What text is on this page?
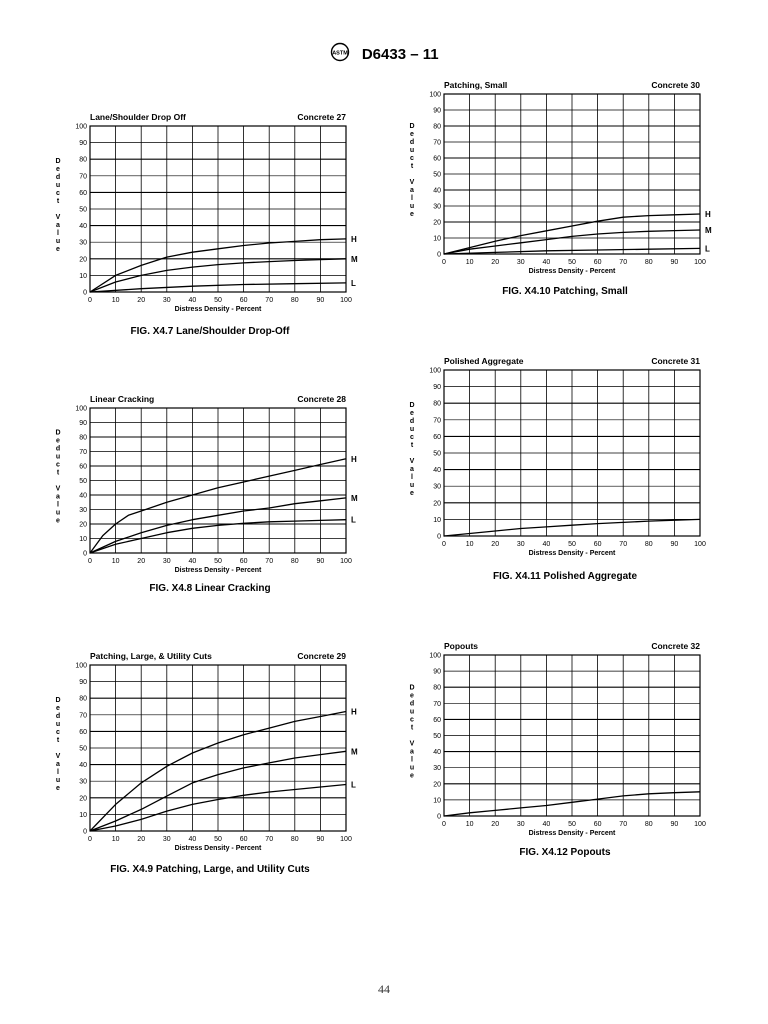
ASTM D6433 – 11
Lane/Shoulder Drop Off	Concrete 27
0
10
20
30
40
50
60
70
80
90
100
0	10	20	30	40	50	60	70	80	90 100
Distress Density - Percent
D e d u c t V a l u e
H
M
L
FIG. X4.7 Lane/Shoulder Drop-Off
Patching, Small	Concrete 30
0
10
20
30
40
50
60
70
80
90
100
0	10	20	30	40	50	60	70	80	90 100
Distress Density - Percent
D e d u c t V a l u e	H
M
L
FIG. X4.10 Patching, Small
Linear Cracking	Concrete 28
0
10
20
30
40
50
60
70
80
90
100
0	10	20	30	40	50	60	70	80	90 100
Distress Density - Percent
D e d u c t V a l u e
H
M
L
FIG. X4.8 Linear Cracking
Polished Aggregate	Concrete 31
0
10
20
30
40
50
60
70
80
90
100
0	10	20	30	40	50	60	70	80	90 100
Distress Density - Percent
D e d u c t V a l u e
FIG. X4.11 Polished Aggregate
Patching, Large, & Utility Cuts	Concrete 29
0
10
20
30
40
50
60
70
80
90
100
0	10	20	30	40	50	60	70	80	90 100
Distress Density - Percent
D e d u c t V a l u e
H
M
L
FIG. X4.9 Patching, Large, and Utility Cuts
Popouts	Concrete 32
0
10
20
30
40
50
60
70
80
90
100
0	10	20	30	40	50	60	70	80	90 100
Distress Density - Percent
D e d u c t V a l u e
FIG. X4.12 Popouts
44
